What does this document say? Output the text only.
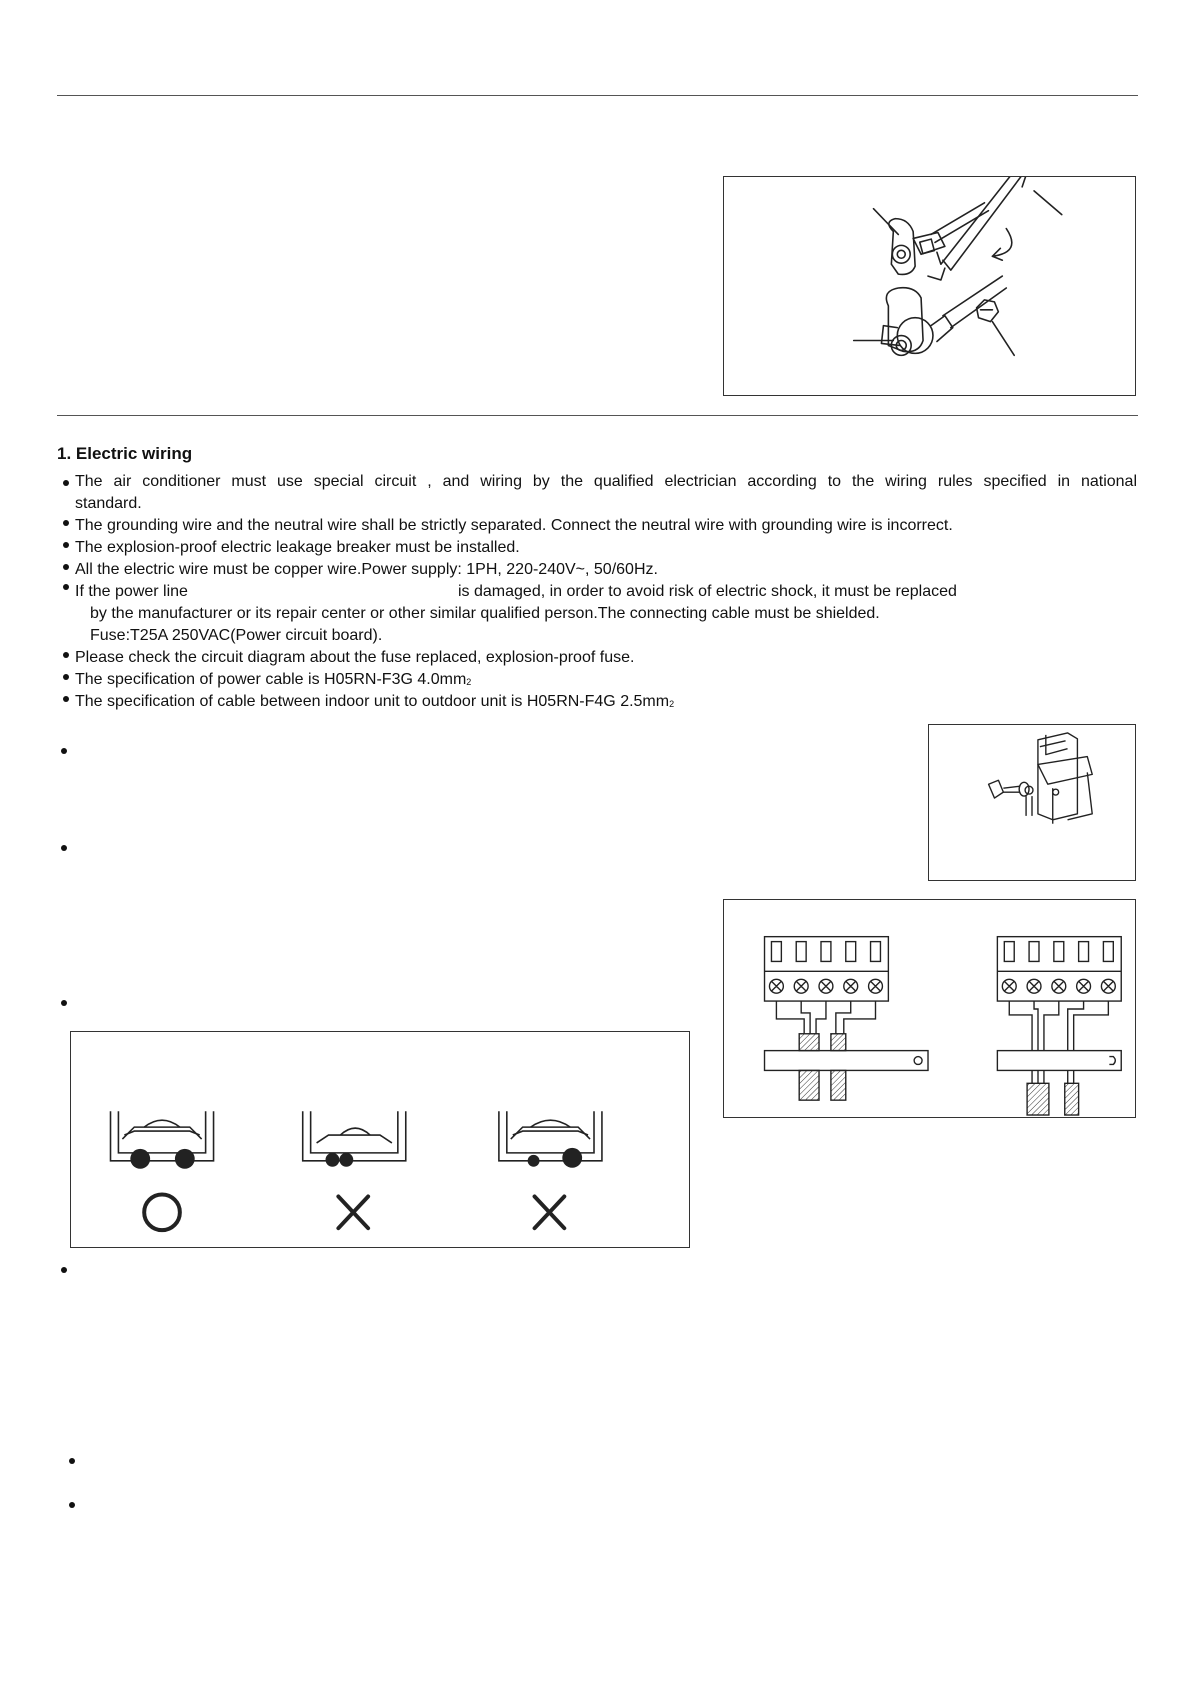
1. Electric wiring
The air conditioner must use special circuit , and wiring by the qualified electrician according to the wiring rules specified in national
standard.
The grounding wire and the neutral wire shall be strictly separated. Connect the neutral wire with grounding wire is incorrect.
The explosion-proof electric leakage breaker must be installed.
All the electric wire must be copper wire.Power supply: 1PH, 220-240V~, 50/60Hz.
If the power line	is damaged, in order to avoid risk of electric shock, it must be replaced
by the manufacturer or its repair center or other similar qualified person.The connecting cable must be shielded.
Fuse:T25A 250VAC(Power circuit board).
Please check the circuit diagram about the fuse replaced, explosion-proof fuse.
The specification of power cable is H05RN-F3G $4.0mm^2$
The specification of cable between indoor unit to outdoor unit is H05RN-F4G $2.5mm^2$
